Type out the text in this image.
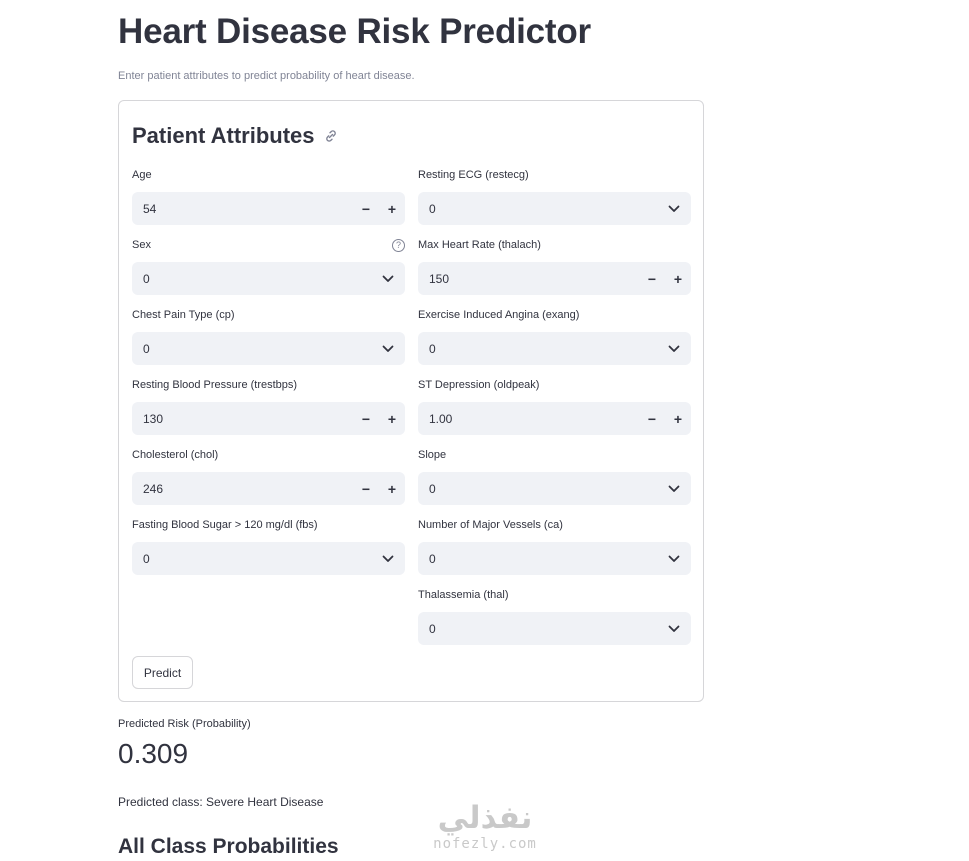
Heart Disease Risk Predictor
Enter patient attributes to predict probability of heart disease.
Patient Attributes
Age
54	−	+
Sex	?
0
Chest Pain Type (cp)
0
Resting Blood Pressure (trestbps)
130	−	+
Cholesterol (chol)
246	−	+
Fasting Blood Sugar > 120 mg/dl (fbs)
0
Resting ECG (restecg)
0
Max Heart Rate (thalach)
150	−	+
Exercise Induced Angina (exang)
0
ST Depression (oldpeak)
1.00	−	+
Slope
0
Number of Major Vessels (ca)
0
Thalassemia (thal)
0
Predict
Predicted Risk (Probability)
0.309
Predicted class: Severe Heart Disease
All Class Probabilities
نفذلي
nofezly.com
